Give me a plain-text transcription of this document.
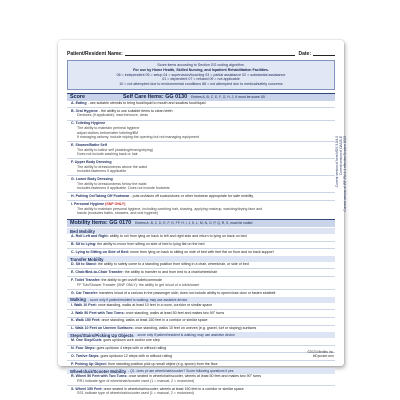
Patient/Resident Name:	Date:
Score items according to Section GG coding algorithm.
For use by Home Health, Skilled Nursing, and Inpatient Rehabilitation Facilities.
06 = independent 05 = setup 04 = supervision/touching 03 = partial assistance 02 = substantial assistance
01 = dependent 07 = refused 09 = not applicable
10 = not attempted due to environmental conditions 88 = not attempted due to medical/safety concerns
Score	Self Care Items: GG 0130 Entries A, B, C, E, F, G, H, J, K must be score 1B
A. Eating - use suitable utensils to bring food/liquid to mouth and swallow food/liquid
B. Oral Hygiene - the ability to use suitable items to clean teeth
Dentures (if applicable): insert/remove, clean
C. Toileting Hygiene
The ability to maintain perineal hygiene
adjust clothes before/after toileting/BM
If managing ostomy, include wiping the opening but not managing equipment
E. Shower/Bathe Self
The ability to bathe self (washing/rinsing/drying)
Does not include washing back or hair
F. Upper Body Dressing
The ability to dress/undress above the waist
Includes fasteners if applicable
G. Lower Body Dressing
The ability to dress/undress below the waist
Includes fasteners if applicable. Does not include footwear
H. Putting On/Taking Off Footwear - puts on/takes off socks/shoes or other footwear appropriate for safe mobility
I. Personal Hygiene (SNF ONLY)
The ability to maintain personal hygiene, including combing hair, shaving, applying makeup, washing/drying face and
hands (excludes baths, showers, and oral hygiene)
Mobility Items: GG 0170 Entries A, B, C, D, E, F, G, FF, H, I, J, K, L, M, N, O, P, Q, R, S, must be coded
Bed Mobility
A. Roll Left and Right: ability to roll from lying on back to left and right side and return to lying on back on bed
B. Sit to Lying: the ability to move from sitting on side of bed to lying flat on the bed
C. Lying to Sitting on Side of Bed: move from lying on back to sitting on side of bed with feet flat on floor and no back support
Transfer Mobility
D. Sit to Stand: the ability to safely come to a standing position from sitting in a chair, wheelchair, or side of bed
E. Chair/Bed-to-Chair Transfer: the ability to transfer to and from bed to a chair/wheelchair
F. Toilet Transfer: the ability to get on/off toilet/commode
FF Tub/Shower Transfer (SNF ONLY): the ability to get in/out of a tub/shower
G. Car Transfer: transfers in/out of a car/van in the passenger side; does not include ability to open/close door or fasten seatbelt
Walking - score only if patient/resident is walking; may use assistive device
I. Walk 10 Feet: once standing, walks at least 10 feet in a room, corridor or similar space
J. Walk 50 Feet with Two Turns: once standing, walks at least 50 feet and makes two 90° turns
K. Walk 150 Feet: once standing, walks at least 150 feet in a corridor or similar space
L. Walk 10 Feet on Uneven Surfaces: once standing, walks 10 feet on uneven (e.g. gravel, turf or sloping) surfaces
Steps/Stairs/Picking Up Objects - score only if patient/resident is walking; may use assistive device
M. One Step/Curb: goes up/down curb and/or one step
N. Four Steps: goes up/down 4 steps with or without railing
O. Twelve Steps: goes up/down 12 steps with or without railing
P. Picking Up Object: from standing position pick up small object (e.g. spoon) from the floor
Wheelchair/Scooter Mobility - Q1. does pt use wheelchair/scooter? Score following questions if yes
R. Wheel 50 Feet with Two Turns: once seated in wheelchair/scooter, wheels at least 50 feet and makes two 90° turns
RR1 indicate type of wheelchair/scooter used (1 = manual, 2 = motorized)
S. Wheel 150 Feet: once seated in wheelchair/scooter, wheels at least 150 feet in a corridor or similar space
SS1 indicate type of wheelchair/scooter used (1 = manual, 2 = motorized)
Current version of form MDS 3.0/4.0 Current version of OASIS-E Current version of IRF-PAI 4.1 effective October 2023
©2023 Medfirs Inc.
MDpocket.com
